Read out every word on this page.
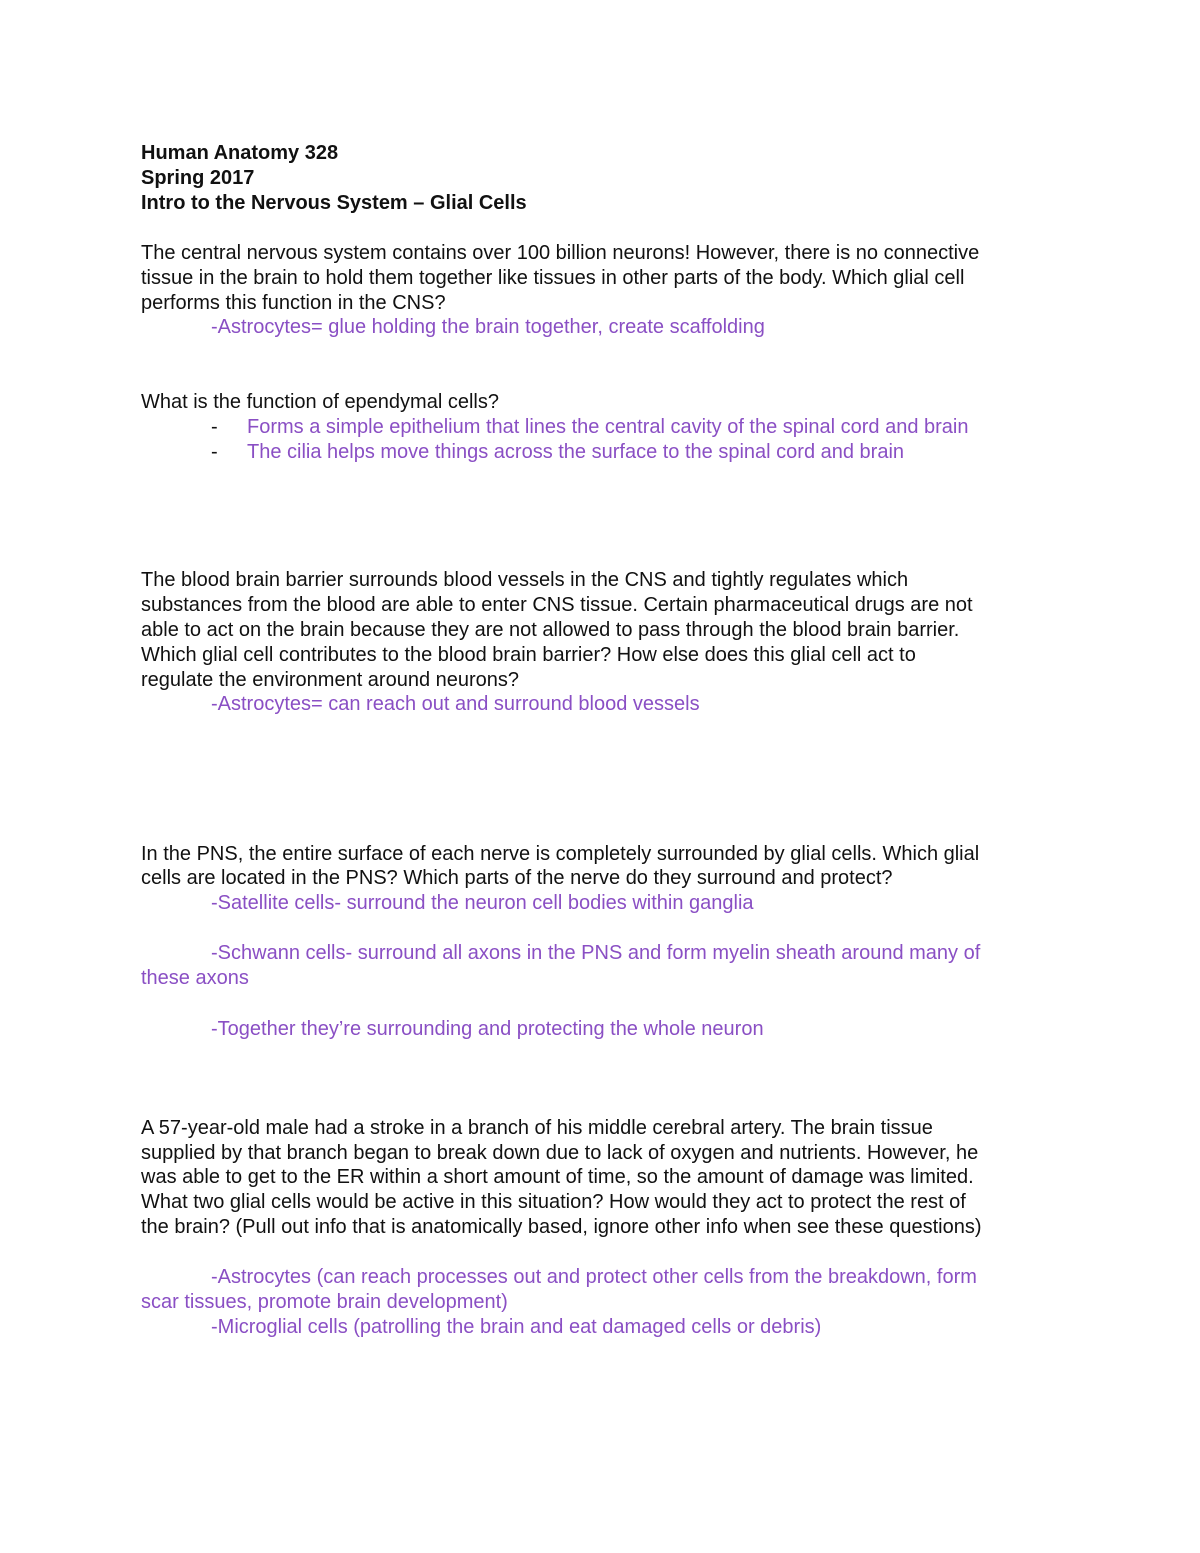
Human Anatomy 328
Spring 2017
Intro to the Nervous System – Glial Cells
The central nervous system contains over 100 billion neurons! However, there is no connective
tissue in the brain to hold them together like tissues in other parts of the body. Which glial cell
performs this function in the CNS?
-Astrocytes= glue holding the brain together, create scaffolding
What is the function of ependymal cells?
- Forms a simple epithelium that lines the central cavity of the spinal cord and brain
- The cilia helps move things across the surface to the spinal cord and brain
The blood brain barrier surrounds blood vessels in the CNS and tightly regulates which
substances from the blood are able to enter CNS tissue. Certain pharmaceutical drugs are not
able to act on the brain because they are not allowed to pass through the blood brain barrier.
Which glial cell contributes to the blood brain barrier? How else does this glial cell act to
regulate the environment around neurons?
-Astrocytes= can reach out and surround blood vessels
In the PNS, the entire surface of each nerve is completely surrounded by glial cells. Which glial
cells are located in the PNS? Which parts of the nerve do they surround and protect?
-Satellite cells- surround the neuron cell bodies within ganglia
-Schwann cells- surround all axons in the PNS and form myelin sheath around many of
these axons
-Together they’re surrounding and protecting the whole neuron
A 57-year-old male had a stroke in a branch of his middle cerebral artery. The brain tissue
supplied by that branch began to break down due to lack of oxygen and nutrients. However, he
was able to get to the ER within a short amount of time, so the amount of damage was limited.
What two glial cells would be active in this situation? How would they act to protect the rest of
the brain? (Pull out info that is anatomically based, ignore other info when see these questions)
-Astrocytes (can reach processes out and protect other cells from the breakdown, form
scar tissues, promote brain development)
-Microglial cells (patrolling the brain and eat damaged cells or debris)
